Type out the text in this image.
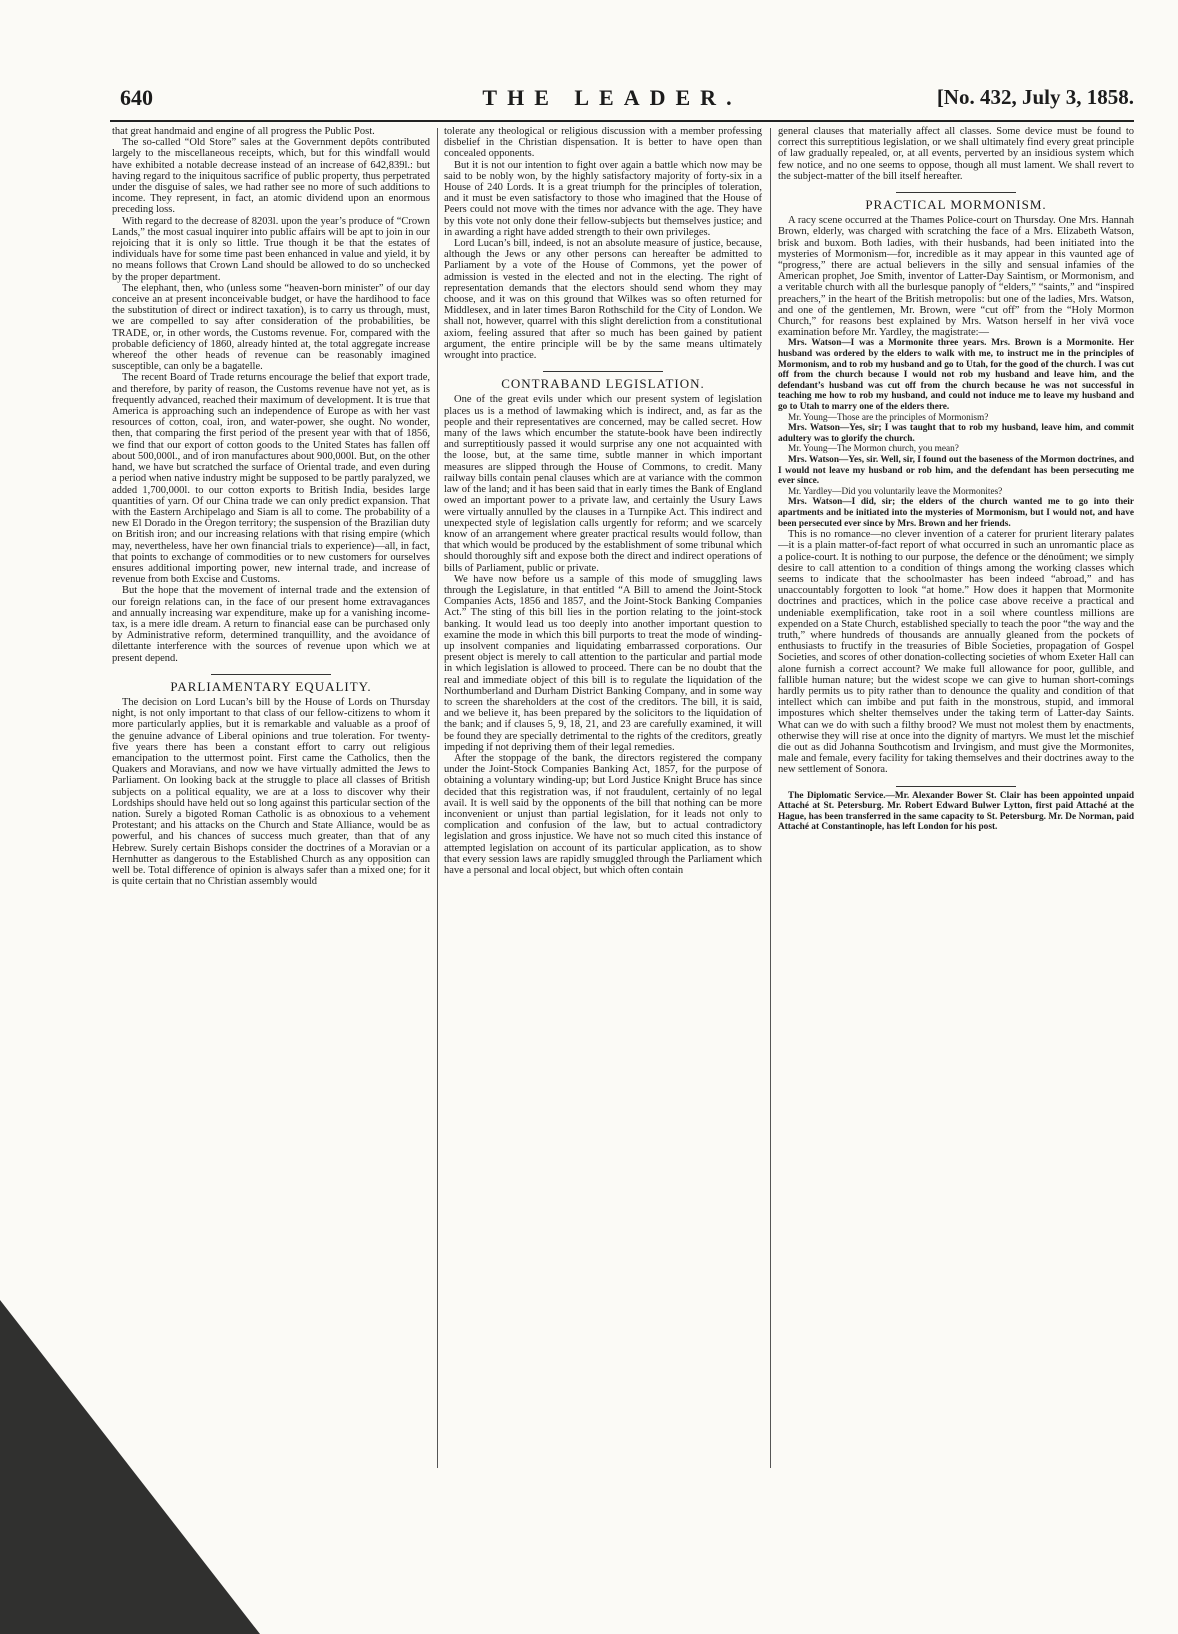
640	THE LEADER.	[No. 432, July 3, 1858.

that great handmaid and engine of all progress the Public Post.

The so-called “Old Store” sales at the Government depôts contributed largely to the miscellaneous receipts, which, but for this windfall would have exhibited a notable decrease instead of an increase of 642,839l.: but having regard to the iniquitous sacrifice of public property, thus perpetrated under the disguise of sales, we had rather see no more of such additions to income. They represent, in fact, an atomic dividend upon an enormous preceding loss.

With regard to the decrease of 8203l. upon the year’s produce of “Crown Lands,” the most casual inquirer into public affairs will be apt to join in our rejoicing that it is only so little. True though it be that the estates of individuals have for some time past been enhanced in value and yield, it by no means follows that Crown Land should be allowed to do so unchecked by the proper department.

The elephant, then, who (unless some “heaven-born minister” of our day conceive an at present inconceivable budget, or have the hardihood to face the substitution of direct or indirect taxation), is to carry us through, must, we are compelled to say after consideration of the probabilities, be TRADE, or, in other words, the Customs revenue. For, compared with the probable deficiency of 1860, already hinted at, the total aggregate increase whereof the other heads of revenue can be reasonably imagined susceptible, can only be a bagatelle.

The recent Board of Trade returns encourage the belief that export trade, and therefore, by parity of reason, the Customs revenue have not yet, as is frequently advanced, reached their maximum of development. It is true that America is approaching such an independence of Europe as with her vast resources of cotton, coal, iron, and water-power, she ought. No wonder, then, that comparing the first period of the present year with that of 1856, we find that our export of cotton goods to the United States has fallen off about 500,000l., and of iron manufactures about 900,000l. But, on the other hand, we have but scratched the surface of Oriental trade, and even during a period when native industry might be supposed to be partly paralyzed, we added 1,700,000l. to our cotton exports to British India, besides large quantities of yarn. Of our China trade we can only predict expansion. That with the Eastern Archipelago and Siam is all to come. The probability of a new El Dorado in the Oregon territory; the suspension of the Brazilian duty on British iron; and our increasing relations with that rising empire (which may, nevertheless, have her own financial trials to experience)—all, in fact, that points to exchange of commodities or to new customers for ourselves ensures additional importing power, new internal trade, and increase of revenue from both Excise and Customs.

But the hope that the movement of internal trade and the extension of our foreign relations can, in the face of our present home extravagances and annually increasing war expenditure, make up for a vanishing income-tax, is a mere idle dream. A return to financial ease can be purchased only by Administrative reform, determined tranquillity, and the avoidance of dilettante interference with the sources of revenue upon which we at present depend.

PARLIAMENTARY EQUALITY.

The decision on Lord Lucan’s bill by the House of Lords on Thursday night, is not only important to that class of our fellow-citizens to whom it more particularly applies, but it is remarkable and valuable as a proof of the genuine advance of Liberal opinions and true toleration. For twenty-five years there has been a constant effort to carry out religious emancipation to the uttermost point. First came the Catholics, then the Quakers and Moravians, and now we have virtually admitted the Jews to Parliament. On looking back at the struggle to place all classes of British subjects on a political equality, we are at a loss to discover why their Lordships should have held out so long against this particular section of the nation. Surely a bigoted Roman Catholic is as obnoxious to a vehement Protestant; and his attacks on the Church and State Alliance, would be as powerful, and his chances of success much greater, than that of any Hebrew. Surely certain Bishops consider the doctrines of a Moravian or a Hernhutter as dangerous to the Established Church as any opposition can well be. Total difference of opinion is always safer than a mixed one; for it is quite certain that no Christian assembly would

tolerate any theological or religious discussion with a member professing disbelief in the Christian dispensation. It is better to have open than concealed opponents.

But it is not our intention to fight over again a battle which now may be said to be nobly won, by the highly satisfactory majority of forty-six in a House of 240 Lords. It is a great triumph for the principles of toleration, and it must be even satisfactory to those who imagined that the House of Peers could not move with the times nor advance with the age. They have by this vote not only done their fellow-subjects but themselves justice; and in awarding a right have added strength to their own privileges.

Lord Lucan’s bill, indeed, is not an absolute measure of justice, because, although the Jews or any other persons can hereafter be admitted to Parliament by a vote of the House of Commons, yet the power of admission is vested in the elected and not in the electing. The right of representation demands that the electors should send whom they may choose, and it was on this ground that Wilkes was so often returned for Middlesex, and in later times Baron Rothschild for the City of London. We shall not, however, quarrel with this slight dereliction from a constitutional axiom, feeling assured that after so much has been gained by patient argument, the entire principle will be by the same means ultimately wrought into practice.

CONTRABAND LEGISLATION.

One of the great evils under which our present system of legislation places us is a method of lawmaking which is indirect, and, as far as the people and their representatives are concerned, may be called secret. How many of the laws which encumber the statute-book have been indirectly and surreptitiously passed it would surprise any one not acquainted with the loose, but, at the same time, subtle manner in which important measures are slipped through the House of Commons, to credit. Many railway bills contain penal clauses which are at variance with the common law of the land; and it has been said that in early times the Bank of England owed an important power to a private law, and certainly the Usury Laws were virtually annulled by the clauses in a Turnpike Act. This indirect and unexpected style of legislation calls urgently for reform; and we scarcely know of an arrangement where greater practical results would follow, than that which would be produced by the establishment of some tribunal which should thoroughly sift and expose both the direct and indirect operations of bills of Parliament, public or private.

We have now before us a sample of this mode of smuggling laws through the Legislature, in that entitled “A Bill to amend the Joint-Stock Companies Acts, 1856 and 1857, and the Joint-Stock Banking Companies Act.” The sting of this bill lies in the portion relating to the joint-stock banking. It would lead us too deeply into another important question to examine the mode in which this bill purports to treat the mode of winding-up insolvent companies and liquidating embarrassed corporations. Our present object is merely to call attention to the particular and partial mode in which legislation is allowed to proceed. There can be no doubt that the real and immediate object of this bill is to regulate the liquidation of the Northumberland and Durham District Banking Company, and in some way to screen the shareholders at the cost of the creditors. The bill, it is said, and we believe it, has been prepared by the solicitors to the liquidation of the bank; and if clauses 5, 9, 18, 21, and 23 are carefully examined, it will be found they are specially detrimental to the rights of the creditors, greatly impeding if not depriving them of their legal remedies.

After the stoppage of the bank, the directors registered the company under the Joint-Stock Companies Banking Act, 1857, for the purpose of obtaining a voluntary winding-up; but Lord Justice Knight Bruce has since decided that this registration was, if not fraudulent, certainly of no legal avail. It is well said by the opponents of the bill that nothing can be more inconvenient or unjust than partial legislation, for it leads not only to complication and confusion of the law, but to actual contradictory legislation and gross injustice. We have not so much cited this instance of attempted legislation on account of its particular application, as to show that every session laws are rapidly smuggled through the Parliament which have a personal and local object, but which often contain

general clauses that materially affect all classes. Some device must be found to correct this surreptitious legislation, or we shall ultimately find every great principle of law gradually repealed, or, at all events, perverted by an insidious system which few notice, and no one seems to oppose, though all must lament. We shall revert to the subject-matter of the bill itself hereafter.

PRACTICAL MORMONISM.

A racy scene occurred at the Thames Police-court on Thursday. One Mrs. Hannah Brown, elderly, was charged with scratching the face of a Mrs. Elizabeth Watson, brisk and buxom. Both ladies, with their husbands, had been initiated into the mysteries of Mormonism—for, incredible as it may appear in this vaunted age of “progress,” there are actual believers in the silly and sensual infamies of the American prophet, Joe Smith, inventor of Latter-Day Saintism, or Mormonism, and a veritable church with all the burlesque panoply of “elders,” “saints,” and “inspired preachers,” in the heart of the British metropolis: but one of the ladies, Mrs. Watson, and one of the gentlemen, Mr. Brown, were “cut off” from the “Holy Mormon Church,” for reasons best explained by Mrs. Watson herself in her vivâ voce examination before Mr. Yardley, the magistrate:—

Mrs. Watson—I was a Mormonite three years. Mrs. Brown is a Mormonite. Her husband was ordered by the elders to walk with me, to instruct me in the principles of Mormonism, and to rob my husband and go to Utah, for the good of the church. I was cut off from the church because I would not rob my husband and leave him, and the defendant’s husband was cut off from the church because he was not successful in teaching me how to rob my husband, and could not induce me to leave my husband and go to Utah to marry one of the elders there.

Mr. Young—Those are the principles of Mormonism?

Mrs. Watson—Yes, sir; I was taught that to rob my husband, leave him, and commit adultery was to glorify the church.

Mr. Young—The Mormon church, you mean?

Mrs. Watson—Yes, sir. Well, sir, I found out the baseness of the Mormon doctrines, and I would not leave my husband or rob him, and the defendant has been persecuting me ever since.

Mr. Yardley—Did you voluntarily leave the Mormonites?

Mrs. Watson—I did, sir; the elders of the church wanted me to go into their apartments and be initiated into the mysteries of Mormonism, but I would not, and have been persecuted ever since by Mrs. Brown and her friends.

This is no romance—no clever invention of a caterer for prurient literary palates—it is a plain matter-of-fact report of what occurred in such an unromantic place as a police-court. It is nothing to our purpose, the defence or the dénoûment; we simply desire to call attention to a condition of things among the working classes which seems to indicate that the schoolmaster has been indeed “abroad,” and has unaccountably forgotten to look “at home.” How does it happen that Mormonite doctrines and practices, which in the police case above receive a practical and undeniable exemplification, take root in a soil where countless millions are expended on a State Church, established specially to teach the poor “the way and the truth,” where hundreds of thousands are annually gleaned from the pockets of enthusiasts to fructify in the treasuries of Bible Societies, propagation of Gospel Societies, and scores of other donation-collecting societies of whom Exeter Hall can alone furnish a correct account? We make full allowance for poor, gullible, and fallible human nature; but the widest scope we can give to human short-comings hardly permits us to pity rather than to denounce the quality and condition of that intellect which can imbibe and put faith in the monstrous, stupid, and immoral impostures which shelter themselves under the taking term of Latter-day Saints. What can we do with such a filthy brood? We must not molest them by enactments, otherwise they will rise at once into the dignity of martyrs. We must let the mischief die out as did Johanna Southcotism and Irvingism, and must give the Mormonites, male and female, every facility for taking themselves and their doctrines away to the new settlement of Sonora.

The Diplomatic Service.—Mr. Alexander Bower St. Clair has been appointed unpaid Attaché at St. Petersburg. Mr. Robert Edward Bulwer Lytton, first paid Attaché at the Hague, has been transferred in the same capacity to St. Petersburg. Mr. De Norman, paid Attaché at Constantinople, has left London for his post.
